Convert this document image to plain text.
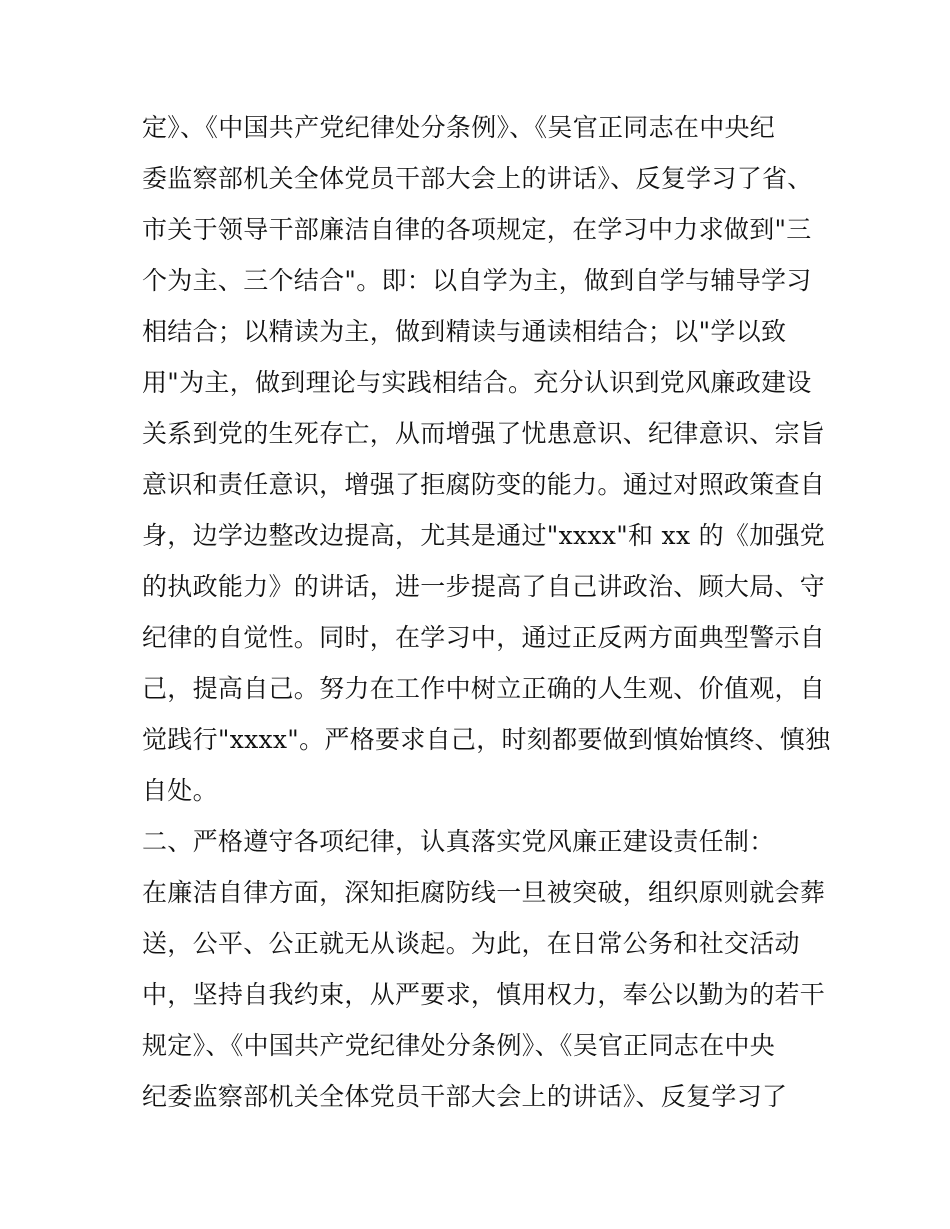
定》、《中国共产党纪律处分条例》、《吴官正同志在中央纪
委监察部机关全体党员干部大会上的讲话》、反复学习了省、
市关于领导干部廉洁自律的各项规定，在学习中力求做到"三
个为主、三个结合"。即：以自学为主，做到自学与辅导学习
相结合；以精读为主，做到精读与通读相结合；以"学以致
用"为主，做到理论与实践相结合。充分认识到党风廉政建设
关系到党的生死存亡，从而增强了忧患意识、纪律意识、宗旨
意识和责任意识，增强了拒腐防变的能力。通过对照政策查自
身，边学边整改边提高，尤其是通过"xxxx"和 xx 的《加强党
的执政能力》的讲话，进一步提高了自己讲政治、顾大局、守
纪律的自觉性。同时，在学习中，通过正反两方面典型警示自
己，提高自己。努力在工作中树立正确的人生观、价值观，自
觉践行"xxxx"。严格要求自己，时刻都要做到慎始慎终、慎独
自处。
二、严格遵守各项纪律，认真落实党风廉正建设责任制：
在廉洁自律方面，深知拒腐防线一旦被突破，组织原则就会葬
送，公平、公正就无从谈起。为此，在日常公务和社交活动
中，坚持自我约束，从严要求，慎用权力，奉公以勤为的若干
规定》、《中国共产党纪律处分条例》、《吴官正同志在中央
纪委监察部机关全体党员干部大会上的讲话》、反复学习了
